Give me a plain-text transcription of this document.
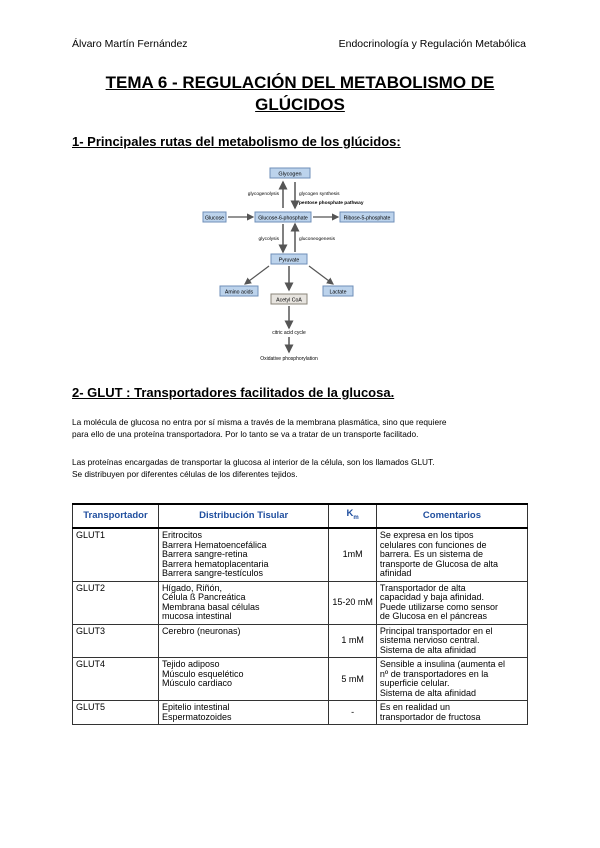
Álvaro Martín Fernández	Endocrinología y Regulación Metabólica
TEMA 6 - REGULACIÓN DEL METABOLISMO DE
GLÚCIDOS
1- Principales rutas del metabolismo de los glúcidos:
Glycogen
glycogenolysis	glycogen synthesis
pentose phosphate pathway
Glucose	Glucose-6-phosphate	Ribose-5-phosphate
glycolysis	gluconeogenesis
Pyruvate
Amino acids	Lactate
Acetyl CoA
citric acid cycle
Oxidative phosphorylation
2- GLUT : Transportadores facilitados de la glucosa.
La molécula de glucosa no entra por sí misma a través de la membrana plasmática, sino que requiere
para ello de una proteína transportadora. Por lo tanto se va a tratar de un transporte facilitado.
Las proteínas encargadas de transportar la glucosa al interior de la célula, son los llamados GLUT.
Se distribuyen por diferentes células de los diferentes tejidos.
Transportador	Distribución Tisular	$K_m$	Comentarios
GLUT1	Eritrocitos
Barrera Hematoencefálica
Barrera sangre-retina
Barrera hematoplacentaria
Barrera sangre-testículos	1mM	Se expresa en los tipos
celulares con funciones de
barrera. Es un sistema de
transporte de Glucosa de alta
afinidad

GLUT2	Hígado, Riñón,
Célula ß Pancreática
Membrana basal células
mucosa intestinal	15-20 mM	Transportador de alta
capacidad y baja afinidad.
Puede utilizarse como sensor
de Glucosa en el páncreas

GLUT3	Cerebro (neuronas)	1 mM	Principal transportador en el
sistema nervioso central.
Sistema de alta afinidad

GLUT4	Tejido adiposo
Músculo esquelético
Músculo cardiaco	5 mM	Sensible a insulina (aumenta el
nº de transportadores en la
superficie celular.
Sistema de alta afinidad

GLUT5	Epitelio intestinal
Espermatozoides	-	Es en realidad un
transportador de fructosa
